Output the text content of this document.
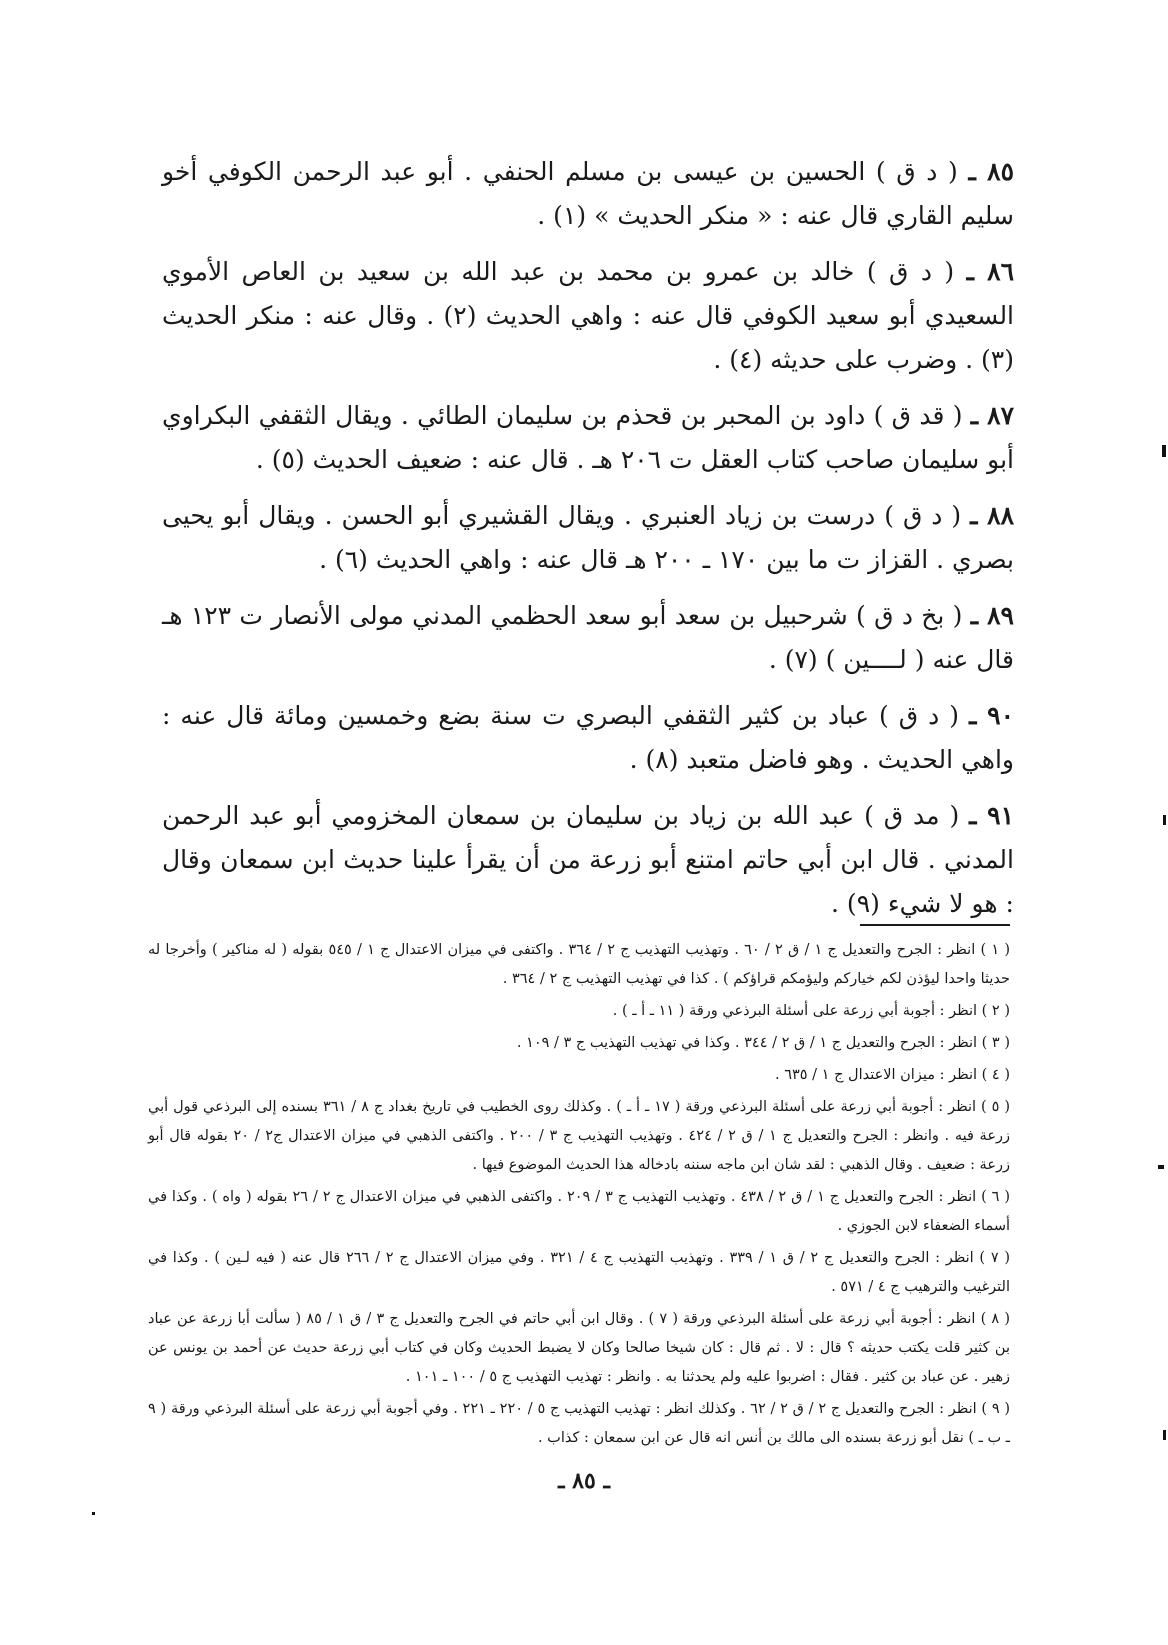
٨٥ ـ ( د ق ) الحسين بن عيسى بن مسلم الحنفي . أبو عبد الرحمن الكوفي أخو سليم القاري قال عنه : « منكر الحديث » (١) .

٨٦ ـ ( د ق ) خالد بن عمرو بن محمد بن عبد الله بن سعيد بن العاص الأموي السعيدي أبو سعيد الكوفي قال عنه : واهي الحديث (٢) . وقال عنه : منكر الحديث (٣) . وضرب على حديثه (٤) .

٨٧ ـ ( قد ق ) داود بن المحبر بن قحذم بن سليمان الطائي . ويقال الثقفي البكراوي أبو سليمان صاحب كتاب العقل ت ٢٠٦ هـ . قال عنه : ضعيف الحديث (٥) .

٨٨ ـ ( د ق ) درست بن زياد العنبري . ويقال القشيري أبو الحسن . ويقال أبو يحيى بصري . القزاز ت ما بين ١٧٠ ـ ٢٠٠ هـ قال عنه : واهي الحديث (٦) .

٨٩ ـ ( بخ د ق ) شرحبيل بن سعد أبو سعد الحظمي المدني مولى الأنصار ت ١٢٣ هـ قال عنه ( لــــين ) (٧) .

٩٠ ـ ( د ق ) عباد بن كثير الثقفي البصري ت سنة بضع وخمسين ومائة قال عنه : واهي الحديث . وهو فاضل متعبد (٨) .

٩١ ـ ( مد ق ) عبد الله بن زياد بن سليمان بن سمعان المخزومي أبو عبد الرحمن المدني . قال ابن أبي حاتم امتنع أبو زرعة من أن يقرأ علينا حديث ابن سمعان وقال : هو لا شيء (٩) .

( ١ ) انظر : الجرح والتعديل ج ١ / ق ٢ / ٦٠ . وتهذيب التهذيب ج ٢ / ٣٦٤ . واكتفى في ميزان الاعتدال ج ١ / ٥٤٥ بقوله ( له مناكير ) وأخرجا له حديثا واحدا ليؤذن لكم خياركم وليؤمكم قراؤكم ) . كذا في تهذيب التهذيب ج ٢ / ٣٦٤ .

( ٢ ) انظر : أجوبة أبي زرعة على أسئلة البرذعي ورقة ( ١١ ـ أ ـ ) .

( ٣ ) انظر : الجرح والتعديل ج ١ / ق ٢ / ٣٤٤ . وكذا في تهذيب التهذيب ج ٣ / ١٠٩ .

( ٤ ) انظر : ميزان الاعتدال ج ١ / ٦٣٥ .

( ٥ ) انظر : أجوبة أبي زرعة على أسئلة البرذعي ورقة ( ١٧ ـ أ ـ ) . وكذلك روى الخطيب في تاريخ بغداد ج ٨ / ٣٦١ بسنده إلى البرذعي قول أبي زرعة فيه . وانظر : الجرح والتعديل ج ١ / ق ٢ / ٤٢٤ . وتهذيب التهذيب ج ٣ / ٢٠٠ . واكتفى الذهبي في ميزان الاعتدال ج٢ / ٢٠ بقوله قال أبو زرعة : ضعيف . وقال الذهبي : لقد شان ابن ماجه سننه بادخاله هذا الحديث الموضوع فيها .

( ٦ ) انظر : الجرح والتعديل ج ١ / ق ٢ / ٤٣٨ . وتهذيب التهذيب ج ٣ / ٢٠٩ . واكتفى الذهبي في ميزان الاعتدال ج ٢ / ٢٦ بقوله ( واه ) . وكذا في أسماء الضعفاء لابن الجوزي .

( ٧ ) انظر : الجرح والتعديل ج ٢ / ق ١ / ٣٣٩ . وتهذيب التهذيب ج ٤ / ٣٢١ . وفي ميزان الاعتدال ج ٢ / ٢٦٦ قال عنه ( فيه لـين ) . وكذا في الترغيب والترهيب ج ٤ / ٥٧١ .

( ٨ ) انظر : أجوبة أبي زرعة على أسئلة البرذعي ورقة ( ٧ ) . وقال ابن أبي حاتم في الجرح والتعديل ج ٣ / ق ١ / ٨٥ ( سألت أبا زرعة عن عباد بن كثير قلت يكتب حديثه ؟ قال : لا . ثم قال : كان شيخا صالحا وكان لا يضبط الحديث وكان في كتاب أبي زرعة حديث عن أحمد بن يونس عن زهير . عن عباد بن كثير . فقال : اضربوا عليه ولم يحدثنا به . وانظر : تهذيب التهذيب ج ٥ / ١٠٠ ـ ١٠١ .

( ٩ ) انظر : الجرح والتعديل ج ٢ / ق ٢ / ٦٢ . وكذلك انظر : تهذيب التهذيب ج ٥ / ٢٢٠ ـ ٢٢١ . وفي أجوبة أبي زرعة على أسئلة البرذعي ورقة ( ٩ ـ ب ـ ) نقل أبو زرعة بسنده الى مالك بن أنس انه قال عن ابن سمعان : كذاب .

ـ ٨٥ ـ
